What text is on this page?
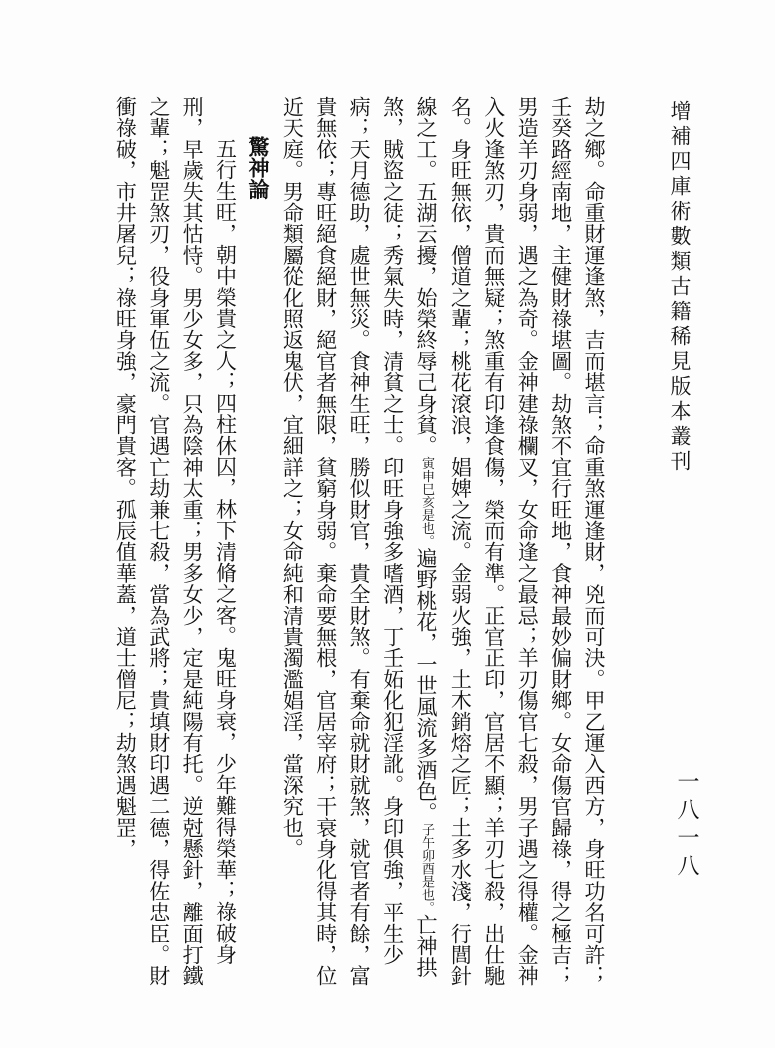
增補四庫術數類古籍稀見版本叢刊
一八一八

劫之鄉。命重財運逢煞，吉而堪言；命重煞運逢財，兇而可決。甲乙運入西方，身旺功名可許；壬癸路經南地，主健財祿堪圖。劫煞不宜行旺地，食神最妙偏財鄉。女命傷官歸祿，得之極吉；男造羊刃身弱，遇之為奇。金神建祿欄叉，女命逢之最忌；羊刃傷官七殺，男子遇之得權。金神入火逢煞刃，貴而無疑；煞重有印逢食傷，榮而有準。正官正印，官居不顯；羊刃七殺，出仕馳名。身旺無依，僧道之輩；桃花滾浪，娼婢之流。金弱火強，土木銷熔之匠；土多水淺，行閭針線之工。五湖云擾，始榮終辱己身貧。寅申巳亥是也。遍野桃花，一世風流多酒色。子午卯酉是也。亡神拱煞，賊盜之徒；秀氣失時，清貧之士。印旺身強多嗜酒，丁壬妬化犯淫訛。身印俱強，平生少病；天月德助，處世無災。食神生旺，勝似財官，貴全財煞。有棄命就財就煞，就官者有餘，富貴無依；專旺絕食絕財，絕官者無限，貧窮身弱。棄命要無根，官居宰府；干衰身化得其時，位近天庭。男命類屬從化照返鬼伏，宜細詳之；女命純和清貴濁濫娼淫，當深究也。

驚神論

五行生旺，朝中榮貴之人；四柱休囚，林下清脩之客。鬼旺身衰，少年難得榮華；祿破身刑，早歲失其怙恃。男少女多，只為陰神太重；男多女少，定是純陽有托。逆尅懸針，離面打鐵之輩；魁罡煞刃，役身軍伍之流。官遇亡劫兼七殺，當為武將；貴填財印遇二德，得佐忠臣。財衝祿破，市井屠兒；祿旺身強，豪門貴客。孤辰值華蓋，道士僧尼；劫煞遇魁罡，
